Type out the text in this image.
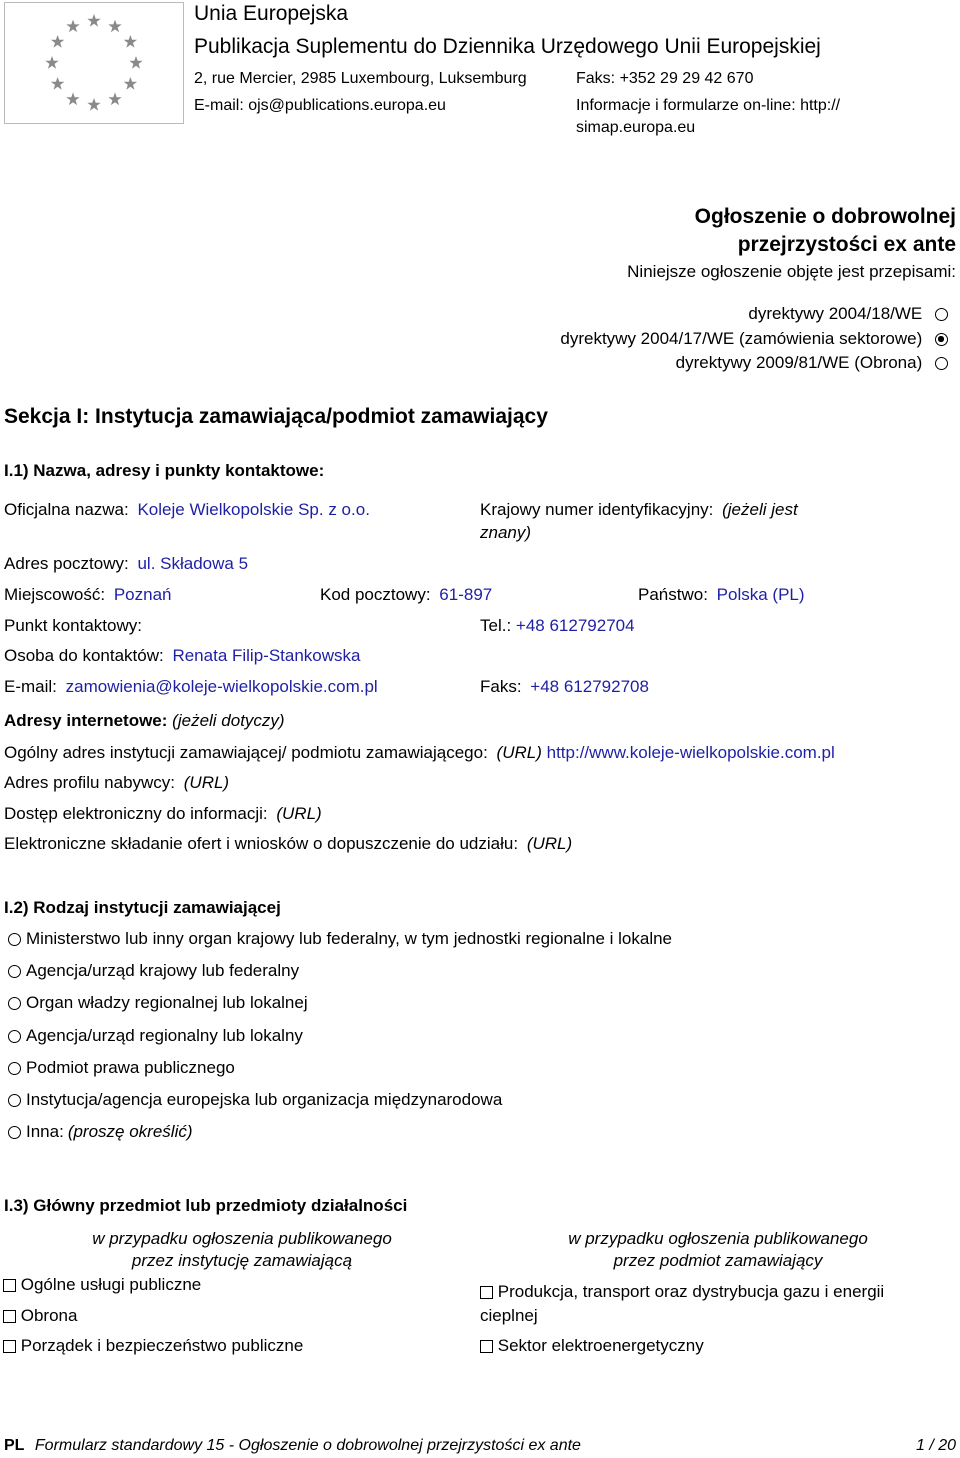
Unia Europejska
Publikacja Suplementu do Dziennika Urzędowego Unii Europejskiej
2, rue Mercier, 2985 Luxembourg, Luksemburg	Faks: +352 29 29 42 670
E-mail: ojs@publications.europa.eu	Informacje i formularze on-line: http://
simap.europa.eu
Ogłoszenie o dobrowolnej
przejrzystości ex ante
Niniejsze ogłoszenie objęte jest przepisami:
dyrektywy 2004/18/WE
dyrektywy 2004/17/WE (zamówienia sektorowe)
dyrektywy 2009/81/WE (Obrona)
Sekcja I: Instytucja zamawiająca/podmiot zamawiający
I.1) Nazwa, adresy i punkty kontaktowe:
Oficjalna nazwa: Koleje Wielkopolskie Sp. z o.o.	Krajowy numer identyfikacyjny: (jeżeli jest
znany)
Adres pocztowy: ul. Składowa 5
Miejscowość: Poznań	Kod pocztowy: 61-897	Państwo: Polska (PL)
Punkt kontaktowy:	Tel.: +48 612792704
Osoba do kontaktów: Renata Filip-Stankowska
E-mail: zamowienia@koleje-wielkopolskie.com.pl	Faks: +48 612792708
Adresy internetowe: (jeżeli dotyczy)
Ogólny adres instytucji zamawiającej/ podmiotu zamawiającego: (URL) http://www.koleje-wielkopolskie.com.pl
Adres profilu nabywcy: (URL)
Dostęp elektroniczny do informacji: (URL)
Elektroniczne składanie ofert i wniosków o dopuszczenie do udziału: (URL)
I.2) Rodzaj instytucji zamawiającej
Ministerstwo lub inny organ krajowy lub federalny, w tym jednostki regionalne i lokalne
Agencja/urząd krajowy lub federalny
Organ władzy regionalnej lub lokalnej
Agencja/urząd regionalny lub lokalny
Podmiot prawa publicznego
Instytucja/agencja europejska lub organizacja międzynarodowa
Inna: (proszę określić)
I.3) Główny przedmiot lub przedmioty działalności
w przypadku ogłoszenia publikowanego
przez instytucję zamawiającą
w przypadku ogłoszenia publikowanego
przez podmiot zamawiający
Ogólne usługi publiczne
Obrona
Porządek i bezpieczeństwo publiczne
Produkcja, transport oraz dystrybucja gazu i energii
cieplnej
Sektor elektroenergetyczny
PL Formularz standardowy 15 - Ogłoszenie o dobrowolnej przejrzystości ex ante	1 / 20
